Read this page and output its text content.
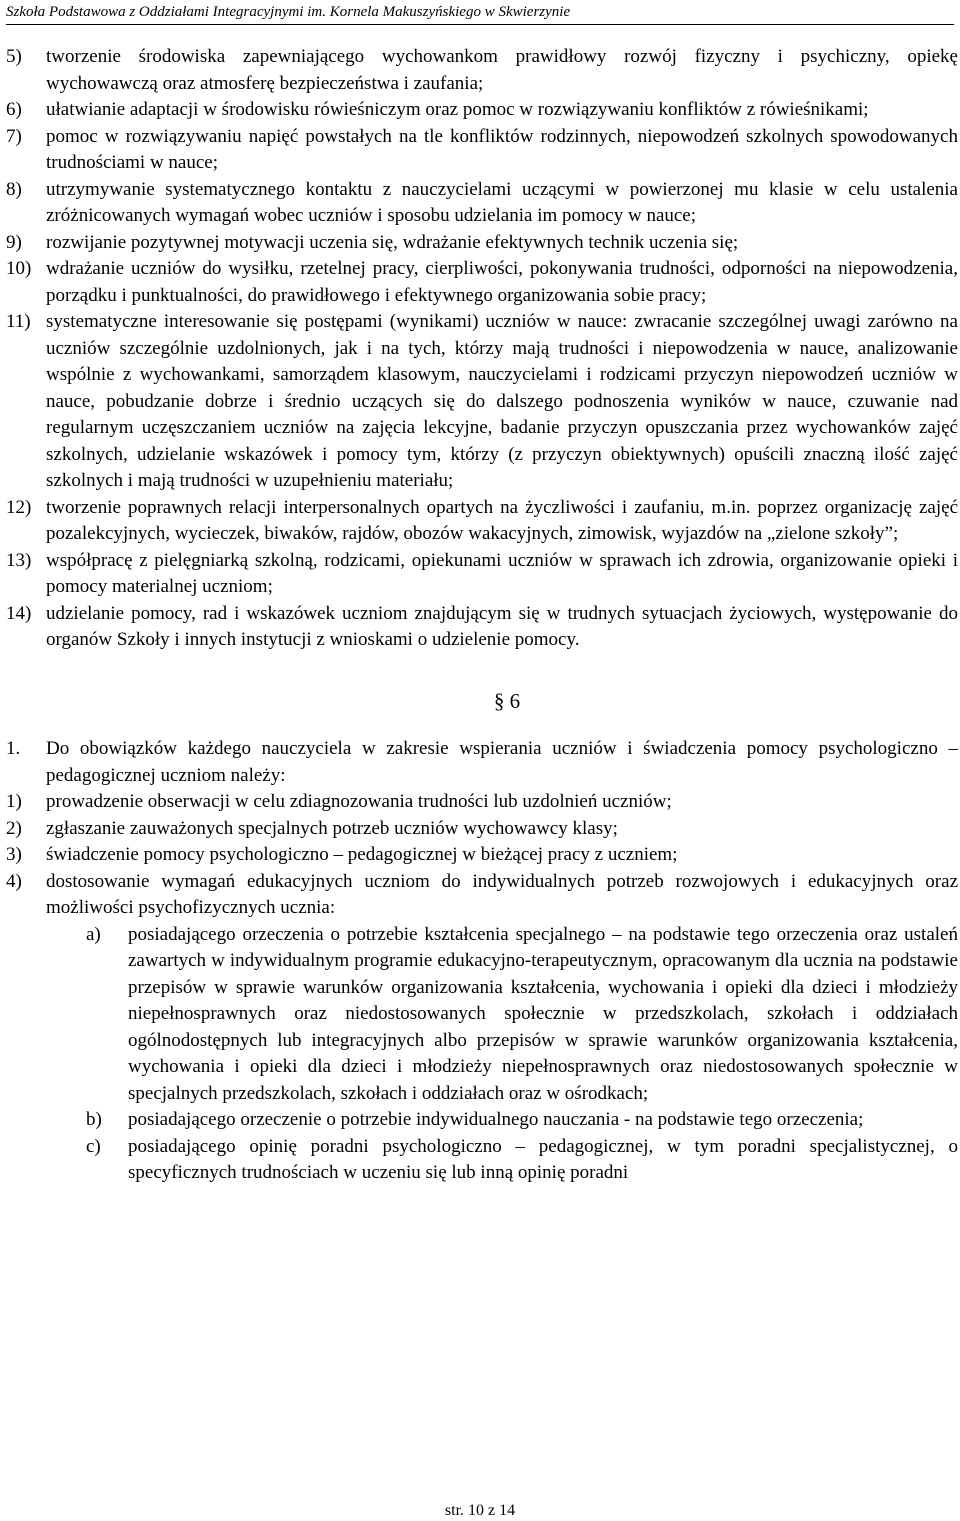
Szkoła Podstawowa z Oddziałami Integracyjnymi im. Kornela Makuszyńskiego w Skwierzynie
5)	tworzenie środowiska zapewniającego wychowankom prawidłowy rozwój fizyczny i psychiczny, opiekę wychowawczą oraz atmosferę bezpieczeństwa i zaufania;
6)	ułatwianie adaptacji w środowisku rówieśniczym oraz pomoc w rozwiązywaniu konfliktów z rówieśnikami;
7)	pomoc w rozwiązywaniu napięć powstałych na tle konfliktów rodzinnych, niepowodzeń szkolnych spowodowanych trudnościami w nauce;
8)	utrzymywanie systematycznego kontaktu z nauczycielami uczącymi w powierzonej mu klasie w celu ustalenia zróżnicowanych wymagań wobec uczniów i sposobu udzielania im pomocy w nauce;
9)	rozwijanie pozytywnej motywacji uczenia się, wdrażanie efektywnych technik uczenia się;
10) wdrażanie uczniów do wysiłku, rzetelnej pracy, cierpliwości, pokonywania trudności, odporności na niepowodzenia, porządku i punktualności, do prawidłowego i efektywnego organizowania sobie pracy;
11) systematyczne interesowanie się postępami (wynikami) uczniów w nauce: zwracanie szczególnej uwagi zarówno na uczniów szczególnie uzdolnionych, jak i na tych, którzy mają trudności i niepowodzenia w nauce, analizowanie wspólnie z wychowankami, samorządem klasowym, nauczycielami i rodzicami przyczyn niepowodzeń uczniów w nauce, pobudzanie dobrze i średnio uczących się do dalszego podnoszenia wyników w nauce, czuwanie nad regularnym uczęszczaniem uczniów na zajęcia lekcyjne, badanie przyczyn opuszczania przez wychowanków zajęć szkolnych, udzielanie wskazówek i pomocy tym, którzy (z przyczyn obiektywnych) opuścili znaczną ilość zajęć szkolnych i mają trudności w uzupełnieniu materiału;
12) tworzenie poprawnych relacji interpersonalnych opartych na życzliwości i zaufaniu, m.in. poprzez organizację zajęć pozalekcyjnych, wycieczek, biwaków, rajdów, obozów wakacyjnych, zimowisk, wyjazdów na „zielone szkoły”;
13) współpracę z pielęgniarką szkolną, rodzicami, opiekunami uczniów w sprawach ich zdrowia, organizowanie opieki i pomocy materialnej uczniom;
14) udzielanie pomocy, rad i wskazówek uczniom znajdującym się w trudnych sytuacjach życiowych, występowanie do organów Szkoły i innych instytucji z wnioskami o udzielenie pomocy.
§ 6
1.	Do obowiązków każdego nauczyciela w zakresie wspierania uczniów i świadczenia pomocy psychologiczno – pedagogicznej uczniom należy:
1)	prowadzenie obserwacji w celu zdiagnozowania trudności lub uzdolnień uczniów;
2)	zgłaszanie zauważonych specjalnych potrzeb uczniów wychowawcy klasy;
3)	świadczenie pomocy psychologiczno – pedagogicznej w bieżącej pracy z uczniem;
4)	dostosowanie wymagań edukacyjnych uczniom do indywidualnych potrzeb rozwojowych i edukacyjnych oraz możliwości psychofizycznych ucznia:
a)	posiadającego orzeczenia o potrzebie kształcenia specjalnego – na podstawie tego orzeczenia oraz ustaleń zawartych w indywidualnym programie edukacyjno-terapeutycznym, opracowanym dla ucznia na podstawie przepisów w sprawie warunków organizowania kształcenia, wychowania i opieki dla dzieci i młodzieży niepełnosprawnych oraz niedostosowanych społecznie w przedszkolach, szkołach i oddziałach ogólnodostępnych lub integracyjnych albo przepisów w sprawie warunków organizowania kształcenia, wychowania i opieki dla dzieci i młodzieży niepełnosprawnych oraz niedostosowanych społecznie w specjalnych przedszkolach, szkołach i oddziałach oraz w ośrodkach;
b)	posiadającego orzeczenie o potrzebie indywidualnego nauczania - na podstawie tego orzeczenia;
c)	posiadającego opinię poradni psychologiczno – pedagogicznej, w tym poradni specjalistycznej, o specyficznych trudnościach w uczeniu się lub inną opinię poradni
str. 10 z 14
